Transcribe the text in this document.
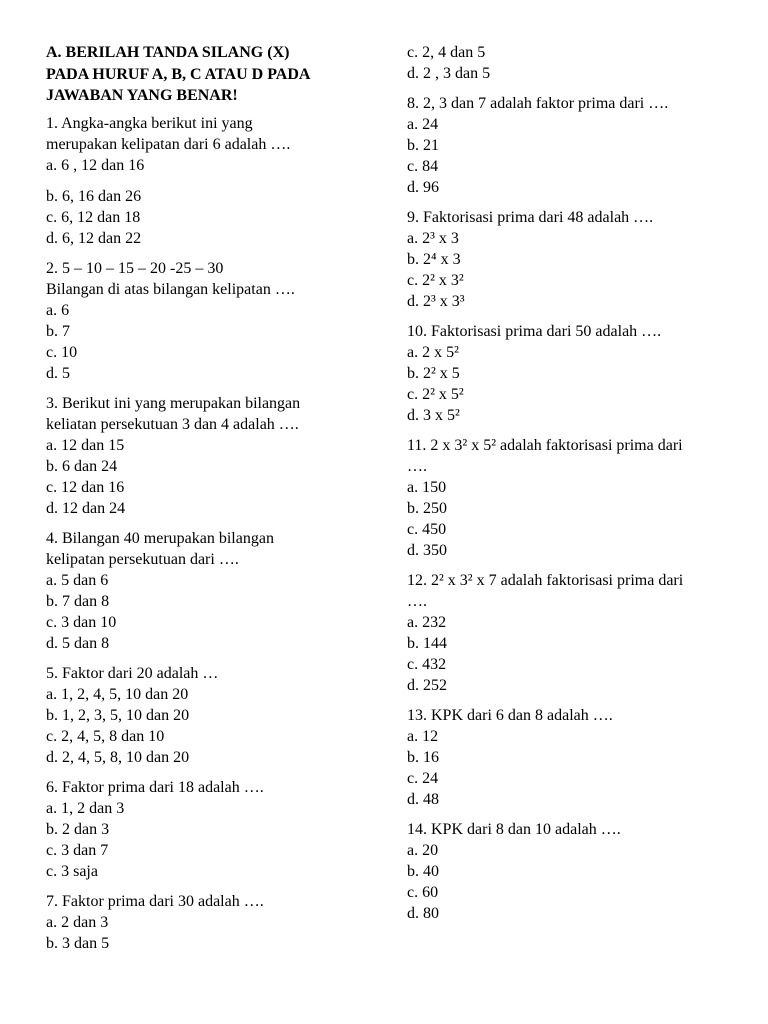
A. BERILAH TANDA SILANG (X)
PADA HURUF A, B, C ATAU D PADA
JAWABAN YANG BENAR!
1. Angka-angka berikut ini yang
merupakan kelipatan dari 6 adalah ….
a. 6 , 12 dan 16
b. 6, 16 dan 26
c. 6, 12 dan 18
d. 6, 12 dan 22
2. 5 – 10 – 15 – 20 -25 – 30
Bilangan di atas bilangan kelipatan ….
a. 6
b. 7
c. 10
d. 5
3. Berikut ini yang merupakan bilangan
keliatan persekutuan 3 dan 4 adalah ….
a. 12 dan 15
b. 6 dan 24
c. 12 dan 16
d. 12 dan 24
4. Bilangan 40 merupakan bilangan
kelipatan persekutuan dari ….
a. 5 dan 6
b. 7 dan 8
c. 3 dan 10
d. 5 dan 8
5. Faktor dari 20 adalah …
a. 1, 2, 4, 5, 10 dan 20
b. 1, 2, 3, 5, 10 dan 20
c. 2, 4, 5, 8 dan 10
d. 2, 4, 5, 8, 10 dan 20
6. Faktor prima dari 18 adalah ….
a. 1, 2 dan 3
b. 2 dan 3
c. 3 dan 7
c. 3 saja
7. Faktor prima dari 30 adalah ….
a. 2 dan 3
b. 3 dan 5
c. 2, 4 dan 5
d. 2 , 3 dan 5
8. 2, 3 dan 7 adalah faktor prima dari ….
a. 24
b. 21
c. 84
d. 96
9. Faktorisasi prima dari 48 adalah ….
a. 2³ x 3
b. 2⁴ x 3
c. 2² x 3²
d. 2³ x 3³
10. Faktorisasi prima dari 50 adalah ….
a. 2 x 5²
b. 2² x 5
c. 2² x 5²
d. 3 x 5²
11. 2 x 3² x 5² adalah faktorisasi prima dari
….
a. 150
b. 250
c. 450
d. 350
12. 2² x 3² x 7 adalah faktorisasi prima dari
….
a. 232
b. 144
c. 432
d. 252
13. KPK dari 6 dan 8 adalah ….
a. 12
b. 16
c. 24
d. 48
14. KPK dari 8 dan 10 adalah ….
a. 20
b. 40
c. 60
d. 80
